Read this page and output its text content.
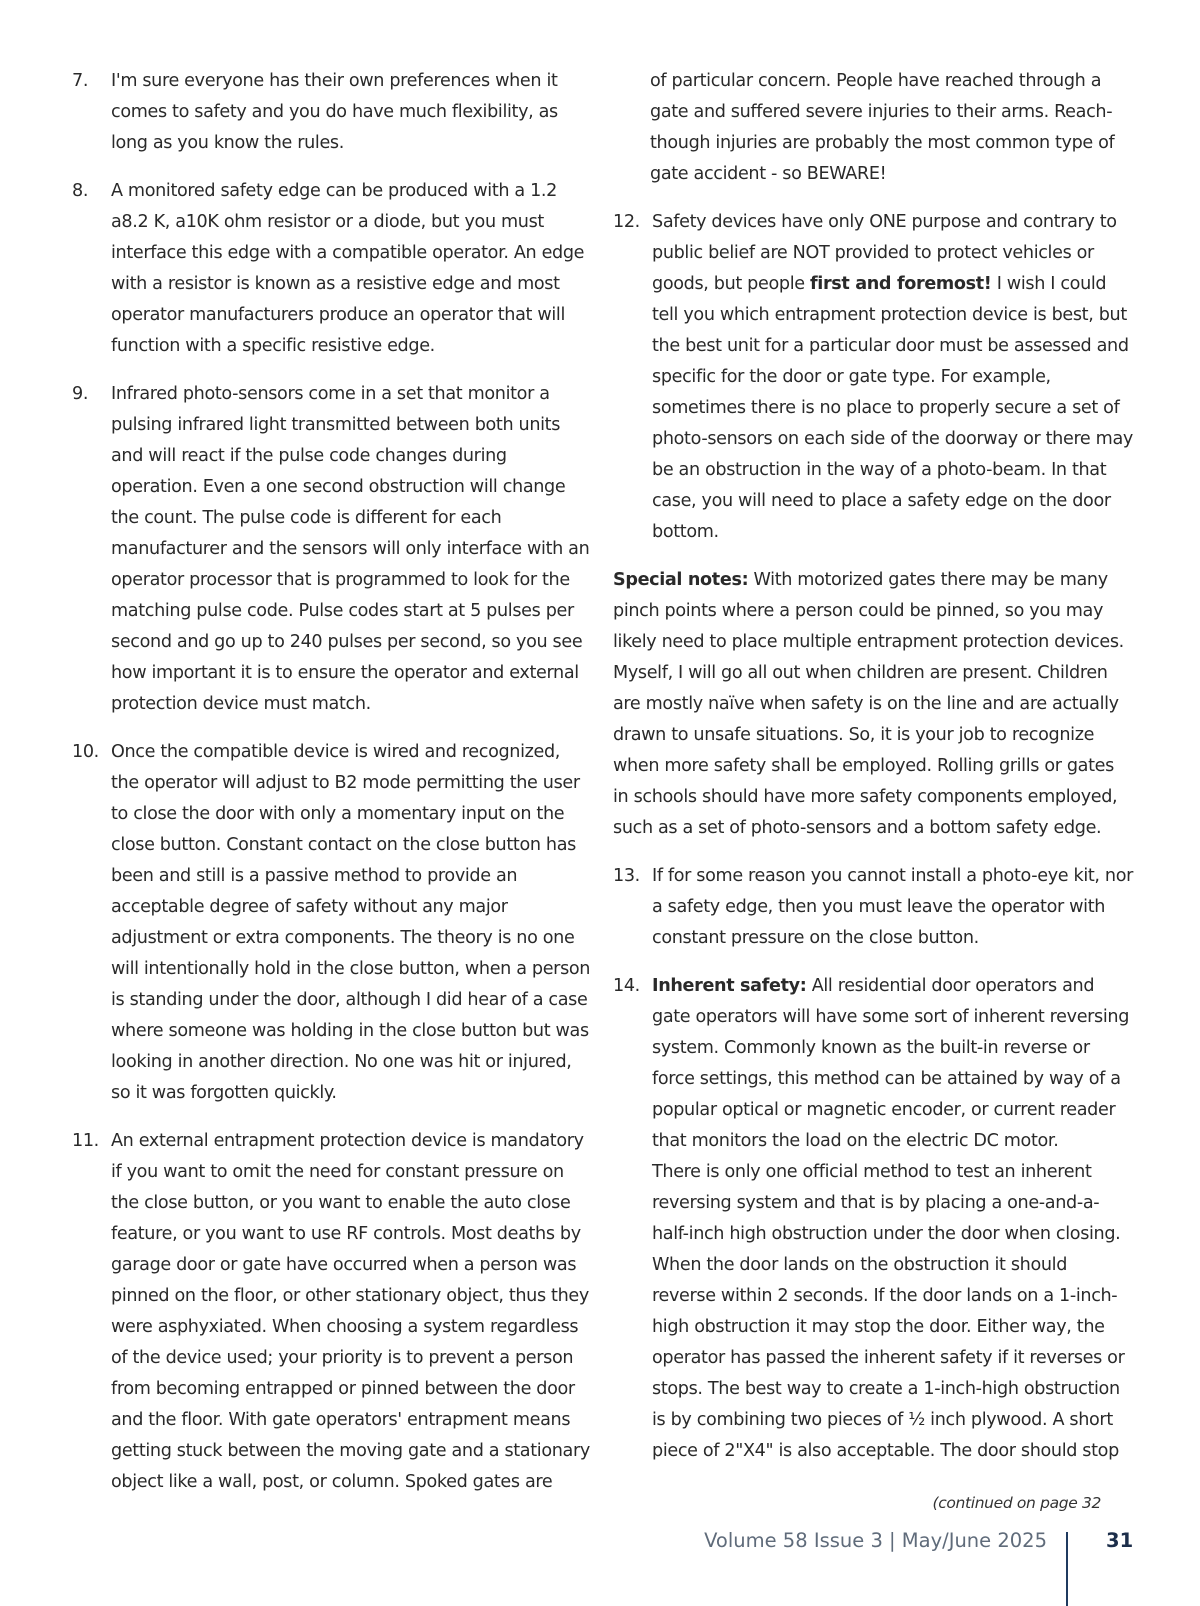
7. I'm sure everyone has their own preferences when it comes to safety and you do have much flexibility, as long as you know the rules.

8. A monitored safety edge can be produced with a 1.2 a8.2 K, a10K ohm resistor or a diode, but you must interface this edge with a compatible operator. An edge with a resistor is known as a resistive edge and most operator manufacturers produce an operator that will function with a specific resistive edge.

9. Infrared photo-sensors come in a set that monitor a pulsing infrared light transmitted between both units and will react if the pulse code changes during operation. Even a one second obstruction will change the count. The pulse code is different for each manufacturer and the sensors will only interface with an operator processor that is programmed to look for the matching pulse code. Pulse codes start at 5 pulses per second and go up to 240 pulses per second, so you see how important it is to ensure the operator and external protection device must match.

10. Once the compatible device is wired and recognized, the operator will adjust to B2 mode permitting the user to close the door with only a momentary input on the close button. Constant contact on the close button has been and still is a passive method to provide an acceptable degree of safety without any major adjustment or extra components. The theory is no one will intentionally hold in the close button, when a person is standing under the door, although I did hear of a case where someone was holding in the close button but was looking in another direction. No one was hit or injured, so it was forgotten quickly.

11. An external entrapment protection device is mandatory if you want to omit the need for constant pressure on the close button, or you want to enable the auto close feature, or you want to use RF controls. Most deaths by garage door or gate have occurred when a person was pinned on the floor, or other stationary object, thus they were asphyxiated. When choosing a system regardless of the device used; your priority is to prevent a person from becoming entrapped or pinned between the door and the floor. With gate operators' entrapment means getting stuck between the moving gate and a stationary object like a wall, post, or column. Spoked gates are

of particular concern. People have reached through a gate and suffered severe injuries to their arms. Reach-though injuries are probably the most common type of gate accident - so BEWARE!

12. Safety devices have only ONE purpose and contrary to public belief are NOT provided to protect vehicles or goods, but people first and foremost! I wish I could tell you which entrapment protection device is best, but the best unit for a particular door must be assessed and specific for the door or gate type. For example, sometimes there is no place to properly secure a set of photo-sensors on each side of the doorway or there may be an obstruction in the way of a photo-beam. In that case, you will need to place a safety edge on the door bottom.

Special notes: With motorized gates there may be many pinch points where a person could be pinned, so you may likely need to place multiple entrapment protection devices. Myself, I will go all out when children are present. Children are mostly naïve when safety is on the line and are actually drawn to unsafe situations. So, it is your job to recognize when more safety shall be employed. Rolling grills or gates in schools should have more safety components employed, such as a set of photo-sensors and a bottom safety edge.

13. If for some reason you cannot install a photo-eye kit, nor a safety edge, then you must leave the operator with constant pressure on the close button.

14. Inherent safety: All residential door operators and gate operators will have some sort of inherent reversing system. Commonly known as the built-in reverse or force settings, this method can be attained by way of a popular optical or magnetic encoder, or current reader that monitors the load on the electric DC motor.

There is only one official method to test an inherent reversing system and that is by placing a one-and-a-half-inch high obstruction under the door when closing. When the door lands on the obstruction it should reverse within 2 seconds. If the door lands on a 1-inch-high obstruction it may stop the door. Either way, the operator has passed the inherent safety if it reverses or stops. The best way to create a 1-inch-high obstruction is by combining two pieces of ½ inch plywood. A short piece of 2"X4" is also acceptable. The door should stop

(continued on page 32
Volume 58 Issue 3 | May/June 2025	31
